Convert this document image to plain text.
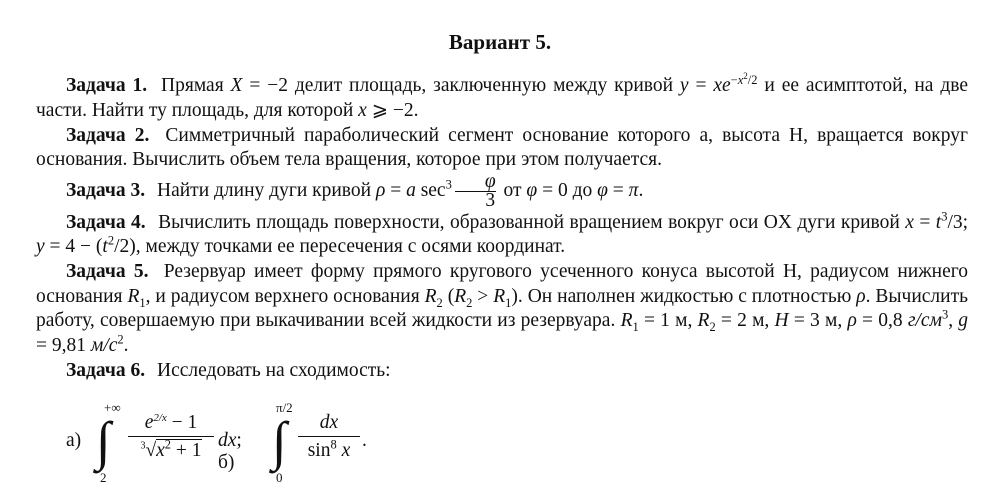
Вариант 5.

Задача 1. Прямая X = −2 делит площадь, заключенную между кривой $y = xe^{-x^2/2}$ и ее асимптотой, на две части. Найти ту площадь, для которой x ⩾ −2.

Задача 2. Симметричный параболический сегмент основание которого а, высота H, вращается вокруг основания. Вычислить объем тела вращения, которое при этом получается.

Задача 3. Найти длину дуги кривой ρ = a $\sec^3 \frac{\varphi}{3}$ от φ = 0 до φ = π.

Задача 4. Вычислить площадь поверхности, образованной вращением вокруг оси OX дуги кривой $x = t^3/3$; $y = 4 - (t^2/2)$, между точками ее пересечения с осями координат.

Задача 5. Резервуар имеет форму прямого кругового усеченного конуса высотой H, радиусом нижнего основания $R_1$, и радиусом верхнего основания $R_2$ $(R_2 > R_1)$. Он наполнен жидкостью с плотностью ρ. Вычислить работу, совершаемую при выкачивании всей жидкости из резервуара. $R_1 = 1$ м, $R_2 = 2$ м, H = 3 м, ρ = 0,8 $г/см^3$, g = 9,81 $м/с^2$.

Задача 6. Исследовать на сходимость:

а)
+∞
∫
2
$\frac{e^{2/x} - 1}{^3√x^2 + 1}$ dx; б)
π/2
∫
0
$\frac{dx}{\sin^8 x}$ .
